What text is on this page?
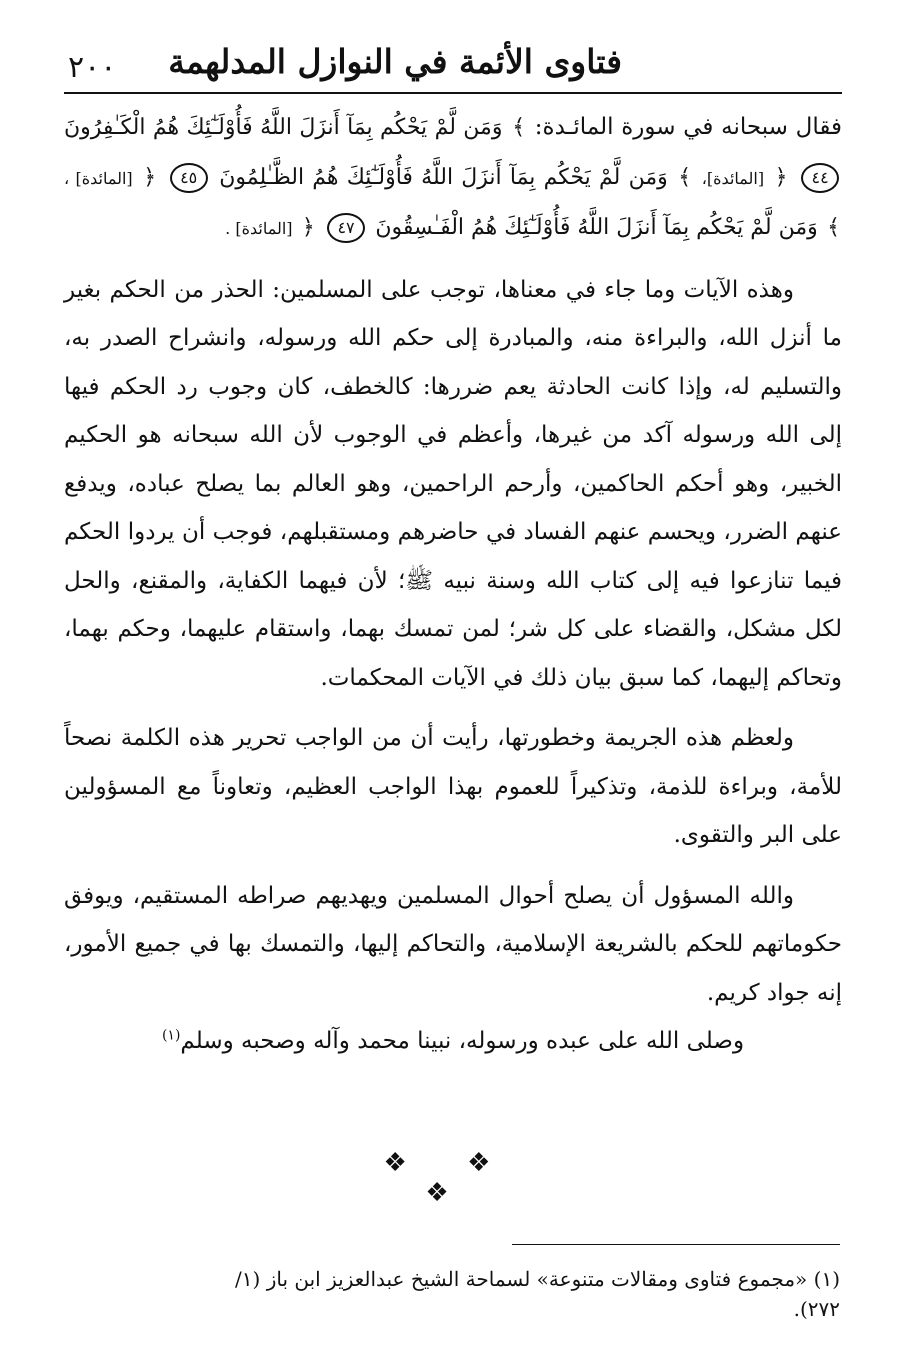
فتاوى الأئمة في النوازل المدلهمة
٢٠٠

فقال سبحانه في سورة المائـدة: ﴾ وَمَن لَّمْ يَحْكُم بِمَآ أَنزَلَ اللَّهُ فَأُوْلَـٰٓئِكَ هُمُ الْكَـٰفِرُونَ ٤٤ ﴿ [المائدة]، ﴾ وَمَن لَّمْ يَحْكُم بِمَآ أَنزَلَ اللَّهُ فَأُوْلَـٰٓئِكَ هُمُ الظَّـٰلِمُونَ ٤٥ ﴿ [المائدة] ، ﴾ وَمَن لَّمْ يَحْكُم بِمَآ أَنزَلَ اللَّهُ فَأُوْلَـٰٓئِكَ هُمُ الْفَـٰسِقُونَ ٤٧ ﴿ [المائدة] .

وهذه الآيات وما جاء في معناها، توجب على المسلمين: الحذر من الحكم بغير ما أنزل الله، والبراءة منه، والمبادرة إلى حكم الله ورسوله، وانشراح الصدر به، والتسليم له، وإذا كانت الحادثة يعم ضررها: كالخطف، كان وجوب رد الحكم فيها إلى الله ورسوله آكد من غيرها، وأعظم في الوجوب لأن الله سبحانه هو الحكيم الخبير، وهو أحكم الحاكمين، وأرحم الراحمين، وهو العالم بما يصلح عباده، ويدفع عنهم الضرر، ويحسم عنهم الفساد في حاضرهم ومستقبلهم، فوجب أن يردوا الحكم فيما تنازعوا فيه إلى كتاب الله وسنة نبيه ﷺ؛ لأن فيهما الكفاية، والمقنع، والحل لكل مشكل، والقضاء على كل شر؛ لمن تمسك بهما، واستقام عليهما، وحكم بهما، وتحاكم إليهما، كما سبق بيان ذلك في الآيات المحكمات.

ولعظم هذه الجريمة وخطورتها، رأيت أن من الواجب تحرير هذه الكلمة نصحاً للأمة، وبراءة للذمة، وتذكيراً للعموم بهذا الواجب العظيم، وتعاوناً مع المسؤولين على البر والتقوى.

والله المسؤول أن يصلح أحوال المسلمين ويهديهم صراطه المستقيم، ويوفق حكوماتهم للحكم بالشريعة الإسلامية، والتحاكم إليها، والتمسك بها في جميع الأمور، إنه جواد كريم.

وصلى الله على عبده ورسوله، نبينا محمد وآله وصحبه وسلم$^{(١)}$

❖ ❖ ❖
(١) «مجموع فتاوى ومقالات متنوعة» لسماحة الشيخ عبدالعزيز ابن باز (١/ ٢٧٢).
